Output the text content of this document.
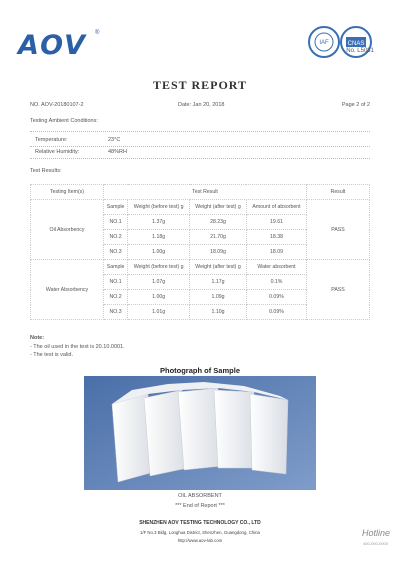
AOV ®
IAF	CNAS
No. L5081
TEST REPORT
NO. AOV-20180107-2	Date: Jan 20, 2018	Page 2 of 2
Testing Ambient Conditions:
Temperature:	23°C
Relative Humidity:	48%RH
Test Results:
Testing Item(s)	Test Result				Result
Oil Absorbency	Sample	Weight (before test) g	Weight (after test) g	Amount of absorbent	PASS
	NO.1	1.37g	28.23g	19.61	
	NO.2	1.18g	21.70g	18.38	
	NO.3	1.00g	18.09g	18.09	
Water Absorbency	Sample	Weight (before test) g	Weight (after test) g	Water absorbent	PASS
	NO.1	1.07g	1.17g	0.1%	
	NO.2	1.00g	1.09g	0.09%	
	NO.3	1.01g	1.10g	0.09%	
Note:
- The oil used in the test is 20.10.0001.
- The test is valid.
Photograph of Sample
OIL ABSORBENT
*** End of Report ***
SHENZHEN AOV TESTING TECHNOLOGY CO., LTD
1/F No.3 Bldg, Longhua District, Shenzhen, Guangdong, China
http://www.aov-lab.com
Hotline
400-000-0000
